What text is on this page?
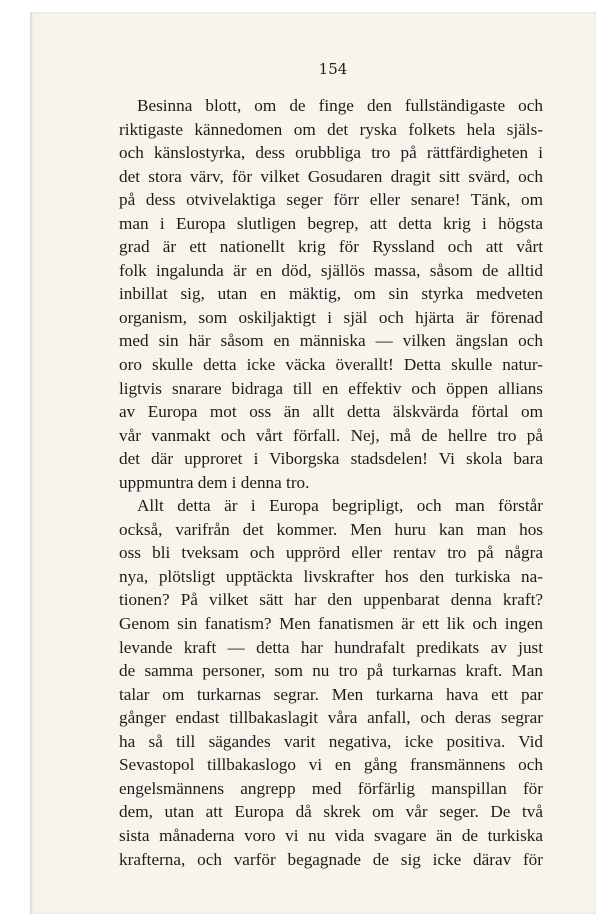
154

Besinna blott, om de finge den fullständigaste och
riktigaste kännedomen om det ryska folkets hela själs-
och känslostyrka, dess orubbliga tro på rättfärdigheten i
det stora värv, för vilket Gosudaren dragit sitt svärd, och
på dess otvivelaktiga seger förr eller senare! Tänk, om
man i Europa slutligen begrep, att detta krig i högsta
grad är ett nationellt krig för Ryssland och att vårt
folk ingalunda är en död, själlös massa, såsom de alltid
inbillat sig, utan en mäktig, om sin styrka medveten
organism, som oskiljaktigt i själ och hjärta är förenad
med sin här såsom en människa — vilken ängslan och
oro skulle detta icke väcka överallt! Detta skulle natur-
ligtvis snarare bidraga till en effektiv och öppen allians
av Europa mot oss än allt detta älskvärda förtal om
vår vanmakt och vårt förfall. Nej, må de hellre tro på
det där upproret i Viborgska stadsdelen! Vi skola bara
uppmuntra dem i denna tro.

Allt detta är i Europa begripligt, och man förstår
också, varifrån det kommer. Men huru kan man hos
oss bli tveksam och upprörd eller rentav tro på några
nya, plötsligt upptäckta livskrafter hos den turkiska na-
tionen? På vilket sätt har den uppenbarat denna kraft?
Genom sin fanatism? Men fanatismen är ett lik och ingen
levande kraft — detta har hundrafalt predikats av just
de samma personer, som nu tro på turkarnas kraft. Man
talar om turkarnas segrar. Men turkarna hava ett par
gånger endast tillbakaslagit våra anfall, och deras segrar
ha så till sägandes varit negativa, icke positiva. Vid
Sevastopol tillbakaslogo vi en gång fransmännens och
engelsmännens angrepp med förfärlig manspillan för
dem, utan att Europa då skrek om vår seger. De två
sista månaderna voro vi nu vida svagare än de turkiska
krafterna, och varför begagnade de sig icke därav för
